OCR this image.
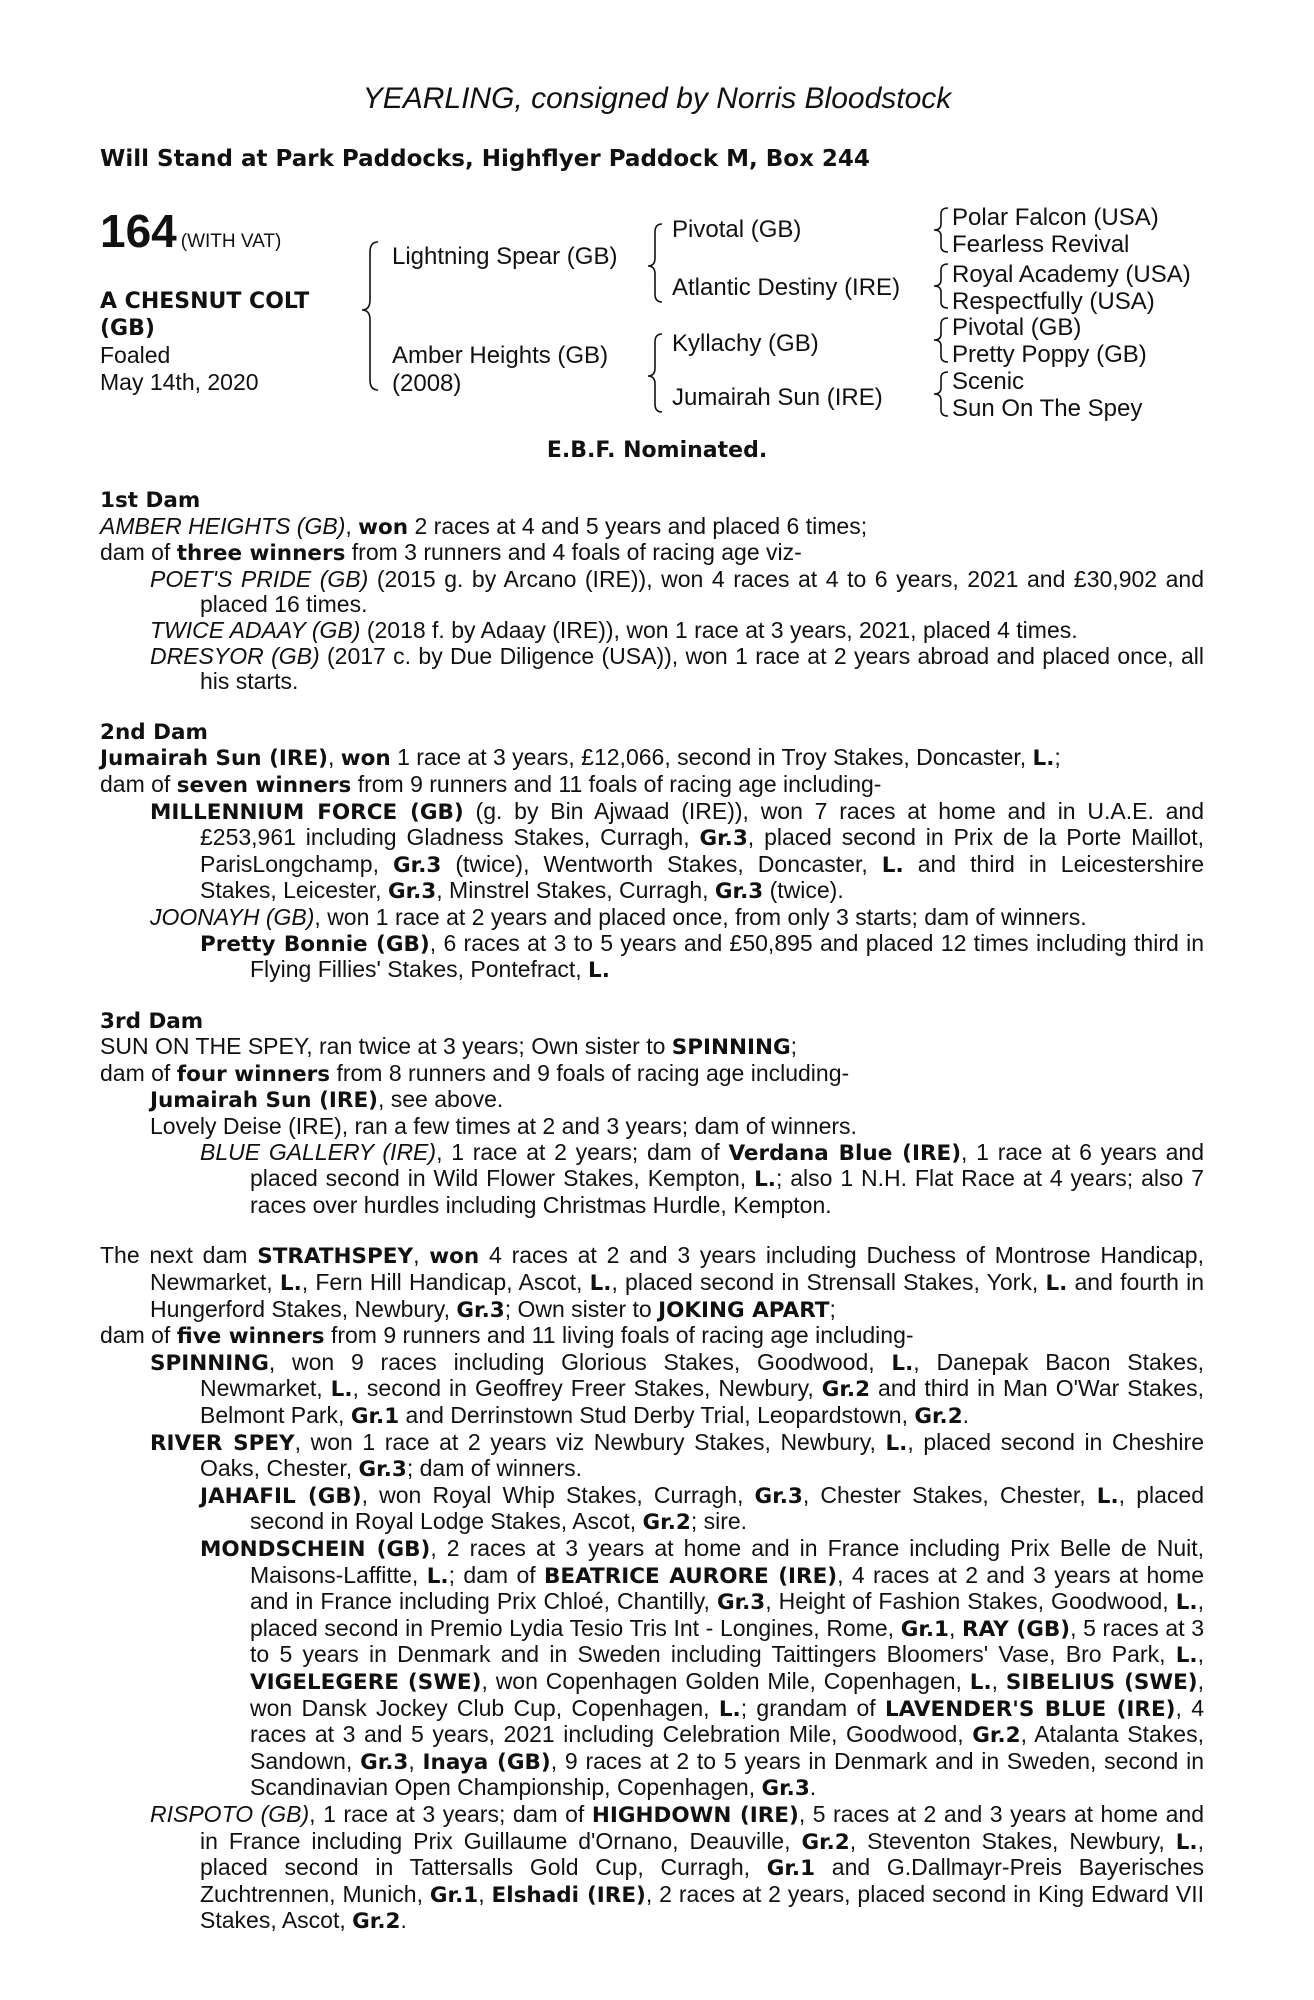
YEARLING, consigned by Norris Bloodstock
Will Stand at Park Paddocks, Highflyer Paddock M, Box 244
164 (WITH VAT)
A CHESNUT COLT
(GB)
Foaled
May 14th, 2020
Lightning Spear (GB)
Amber Heights (GB)
(2008)
Pivotal (GB)
Atlantic Destiny (IRE)
Kyllachy (GB)
Jumairah Sun (IRE)
Polar Falcon (USA)
Fearless Revival
Royal Academy (USA)
Respectfully (USA)
Pivotal (GB)
Pretty Poppy (GB)
Scenic
Sun On The Spey
E.B.F. Nominated.

1st Dam

AMBER HEIGHTS (GB), won 2 races at 4 and 5 years and placed 6 times;

dam of three winners from 3 runners and 4 foals of racing age viz-

POET'S PRIDE (GB) (2015 g. by Arcano (IRE)), won 4 races at 4 to 6 years, 2021 and £30,902 and placed 16 times.

TWICE ADAAY (GB) (2018 f. by Adaay (IRE)), won 1 race at 3 years, 2021, placed 4 times.

DRESYOR (GB) (2017 c. by Due Diligence (USA)), won 1 race at 2 years abroad and placed once, all his starts.

2nd Dam

Jumairah Sun (IRE), won 1 race at 3 years, £12,066, second in Troy Stakes, Doncaster, L.;

dam of seven winners from 9 runners and 11 foals of racing age including-

MILLENNIUM FORCE (GB) (g. by Bin Ajwaad (IRE)), won 7 races at home and in U.A.E. and £253,961 including Gladness Stakes, Curragh, Gr.3, placed second in Prix de la Porte Maillot, ParisLongchamp, Gr.3 (twice), Wentworth Stakes, Doncaster, L. and third in Leicestershire Stakes, Leicester, Gr.3, Minstrel Stakes, Curragh, Gr.3 (twice).

JOONAYH (GB), won 1 race at 2 years and placed once, from only 3 starts; dam of winners.

Pretty Bonnie (GB), 6 races at 3 to 5 years and £50,895 and placed 12 times including third in Flying Fillies' Stakes, Pontefract, L.

3rd Dam

SUN ON THE SPEY, ran twice at 3 years; Own sister to SPINNING;

dam of four winners from 8 runners and 9 foals of racing age including-

Jumairah Sun (IRE), see above.

Lovely Deise (IRE), ran a few times at 2 and 3 years; dam of winners.

BLUE GALLERY (IRE), 1 race at 2 years; dam of Verdana Blue (IRE), 1 race at 6 years and placed second in Wild Flower Stakes, Kempton, L.; also 1 N.H. Flat Race at 4 years; also 7 races over hurdles including Christmas Hurdle, Kempton.

The next dam STRATHSPEY, won 4 races at 2 and 3 years including Duchess of Montrose Handicap, Newmarket, L., Fern Hill Handicap, Ascot, L., placed second in Strensall Stakes, York, L. and fourth in Hungerford Stakes, Newbury, Gr.3; Own sister to JOKING APART;

dam of five winners from 9 runners and 11 living foals of racing age including-

SPINNING, won 9 races including Glorious Stakes, Goodwood, L., Danepak Bacon Stakes, Newmarket, L., second in Geoffrey Freer Stakes, Newbury, Gr.2 and third in Man O'War Stakes, Belmont Park, Gr.1 and Derrinstown Stud Derby Trial, Leopardstown, Gr.2.

RIVER SPEY, won 1 race at 2 years viz Newbury Stakes, Newbury, L., placed second in Cheshire Oaks, Chester, Gr.3; dam of winners.

JAHAFIL (GB), won Royal Whip Stakes, Curragh, Gr.3, Chester Stakes, Chester, L., placed second in Royal Lodge Stakes, Ascot, Gr.2; sire.

MONDSCHEIN (GB), 2 races at 3 years at home and in France including Prix Belle de Nuit, Maisons-Laffitte, L.; dam of BEATRICE AURORE (IRE), 4 races at 2 and 3 years at home and in France including Prix Chloé, Chantilly, Gr.3, Height of Fashion Stakes, Goodwood, L., placed second in Premio Lydia Tesio Tris Int - Longines, Rome, Gr.1, RAY (GB), 5 races at 3 to 5 years in Denmark and in Sweden including Taittingers Bloomers' Vase, Bro Park, L., VIGELEGERE (SWE), won Copenhagen Golden Mile, Copenhagen, L., SIBELIUS (SWE), won Dansk Jockey Club Cup, Copenhagen, L.; grandam of LAVENDER'S BLUE (IRE), 4 races at 3 and 5 years, 2021 including Celebration Mile, Goodwood, Gr.2, Atalanta Stakes, Sandown, Gr.3, Inaya (GB), 9 races at 2 to 5 years in Denmark and in Sweden, second in Scandinavian Open Championship, Copenhagen, Gr.3.

RISPOTO (GB), 1 race at 3 years; dam of HIGHDOWN (IRE), 5 races at 2 and 3 years at home and in France including Prix Guillaume d'Ornano, Deauville, Gr.2, Steventon Stakes, Newbury, L., placed second in Tattersalls Gold Cup, Curragh, Gr.1 and G.Dallmayr-Preis Bayerisches Zuchtrennen, Munich, Gr.1, Elshadi (IRE), 2 races at 2 years, placed second in King Edward VII Stakes, Ascot, Gr.2.
